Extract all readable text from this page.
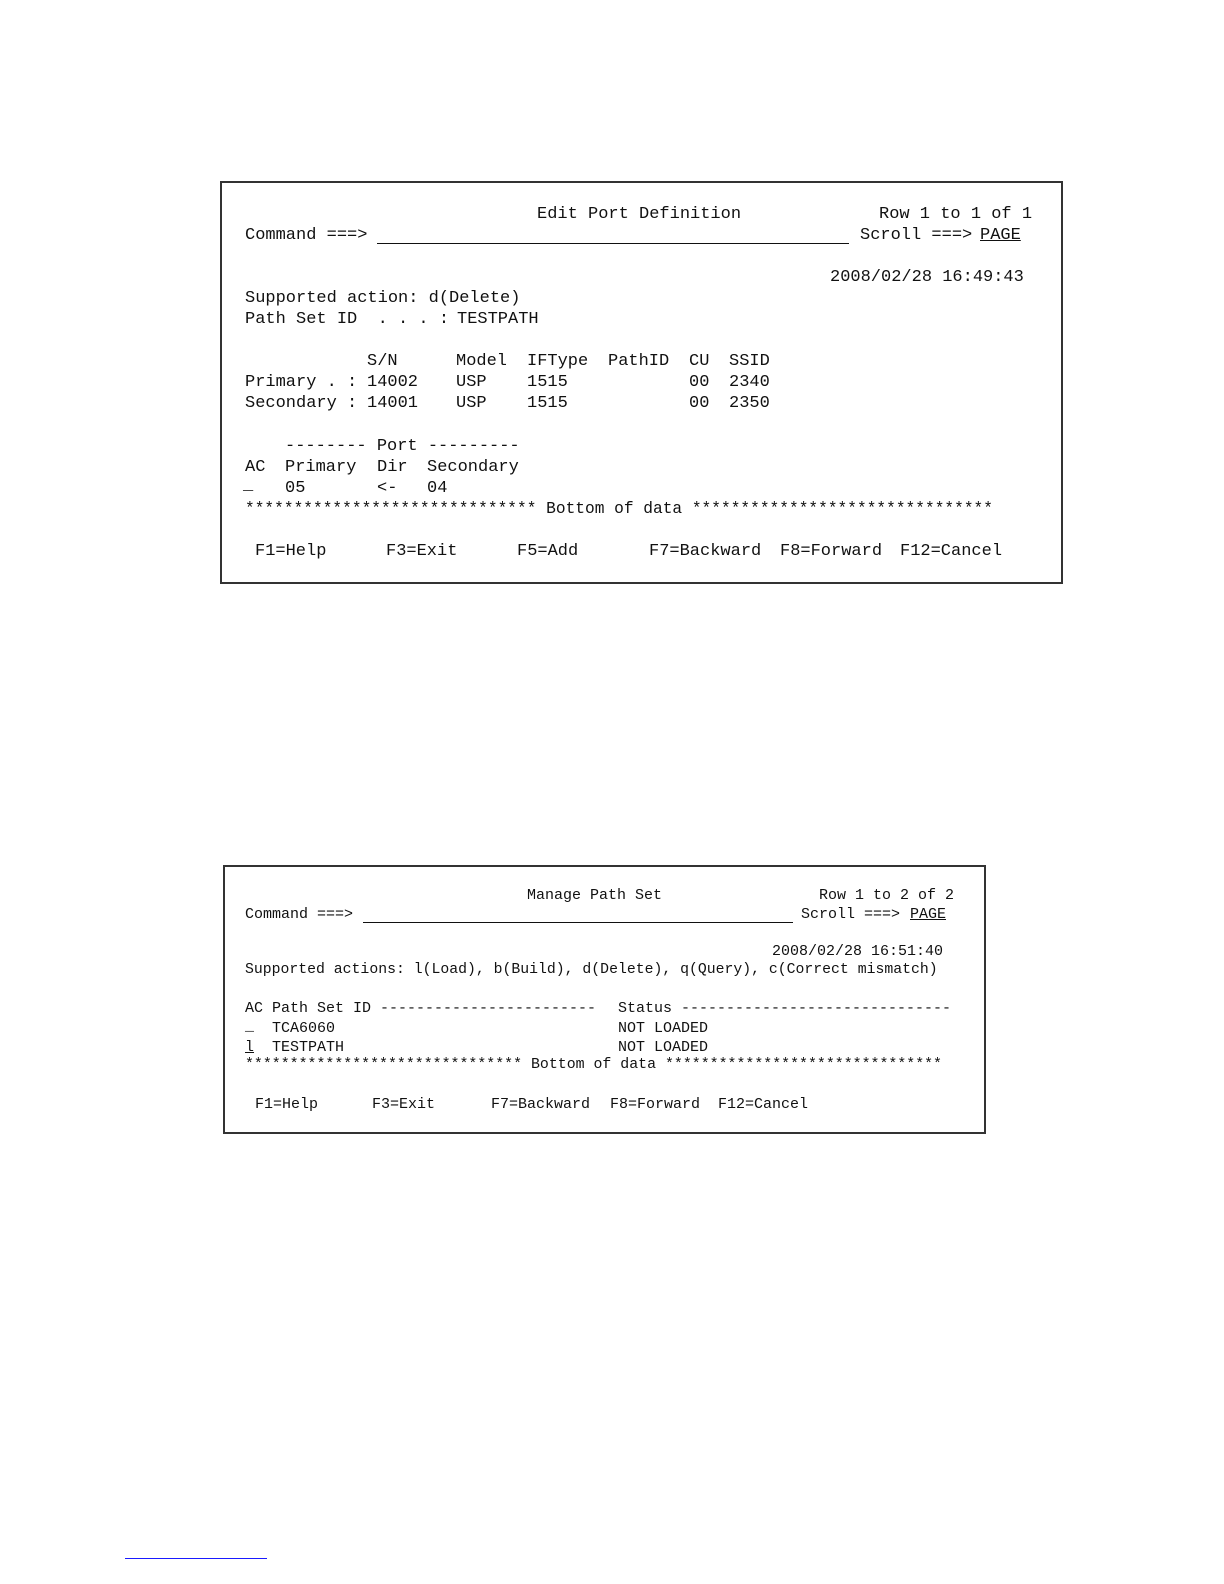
Edit Port Definition	Row 1 to 1 of 1
Command ===>	Scroll ===> PAGE
2008/02/28 16:49:43
Supported action: d(Delete)
Path Set ID  . . . : TESTPATH
S/N	Model IFType PathID CU SSID
Primary . : 14002 USP 1515	00 2340
Secondary : 14001 USP 1515	00 2350
-------- Port ---------
AC Primary Dir Secondary
_ 05	<- 04
****************************** Bottom of data *******************************
F1=Help	F3=Exit	F5=Add	F7=Backward F8=Forward F12=Cancel
Manage Path Set	Row 1 to 2 of 2
Command ===>	Scroll ===> PAGE
2008/02/28 16:51:40
Supported actions: l(Load), b(Build), d(Delete), q(Query), c(Correct mismatch)
AC Path Set ID ------------------------ Status ------------------------------
_ TCA6060	NOT LOADED
l TESTPATH	NOT LOADED
******************************* Bottom of data *******************************
F1=Help	F3=Exit	F7=Backward F8=Forward F12=Cancel
